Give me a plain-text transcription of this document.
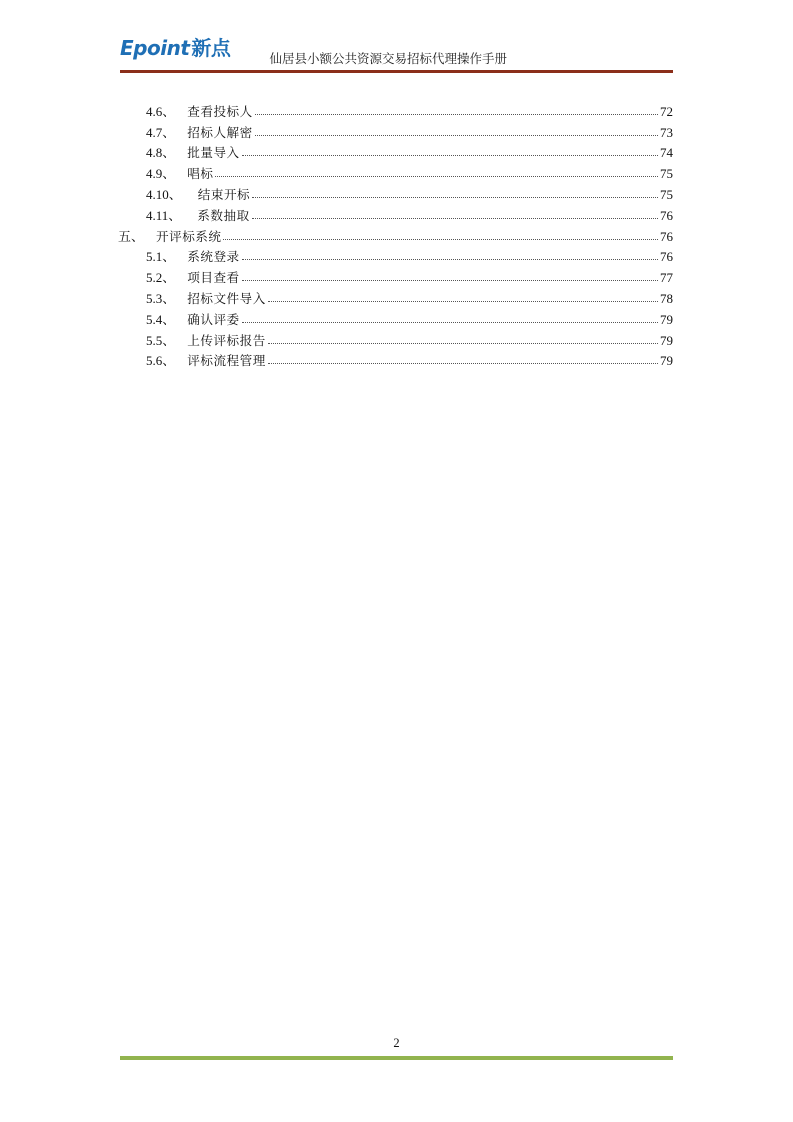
Epoint 新点	仙居县小额公共资源交易招标代理操作手册
4.6、 查看投标人	72
4.7、 招标人解密	73
4.8、 批量导入	74
4.9、 唱标	75
4.10、 结束开标	75
4.11、 系数抽取	76
五、 开评标系统	76
5.1、 系统登录	76
5.2、 项目查看	77
5.3、 招标文件导入	78
5.4、 确认评委	79
5.5、 上传评标报告	79
5.6、 评标流程管理	79
2
